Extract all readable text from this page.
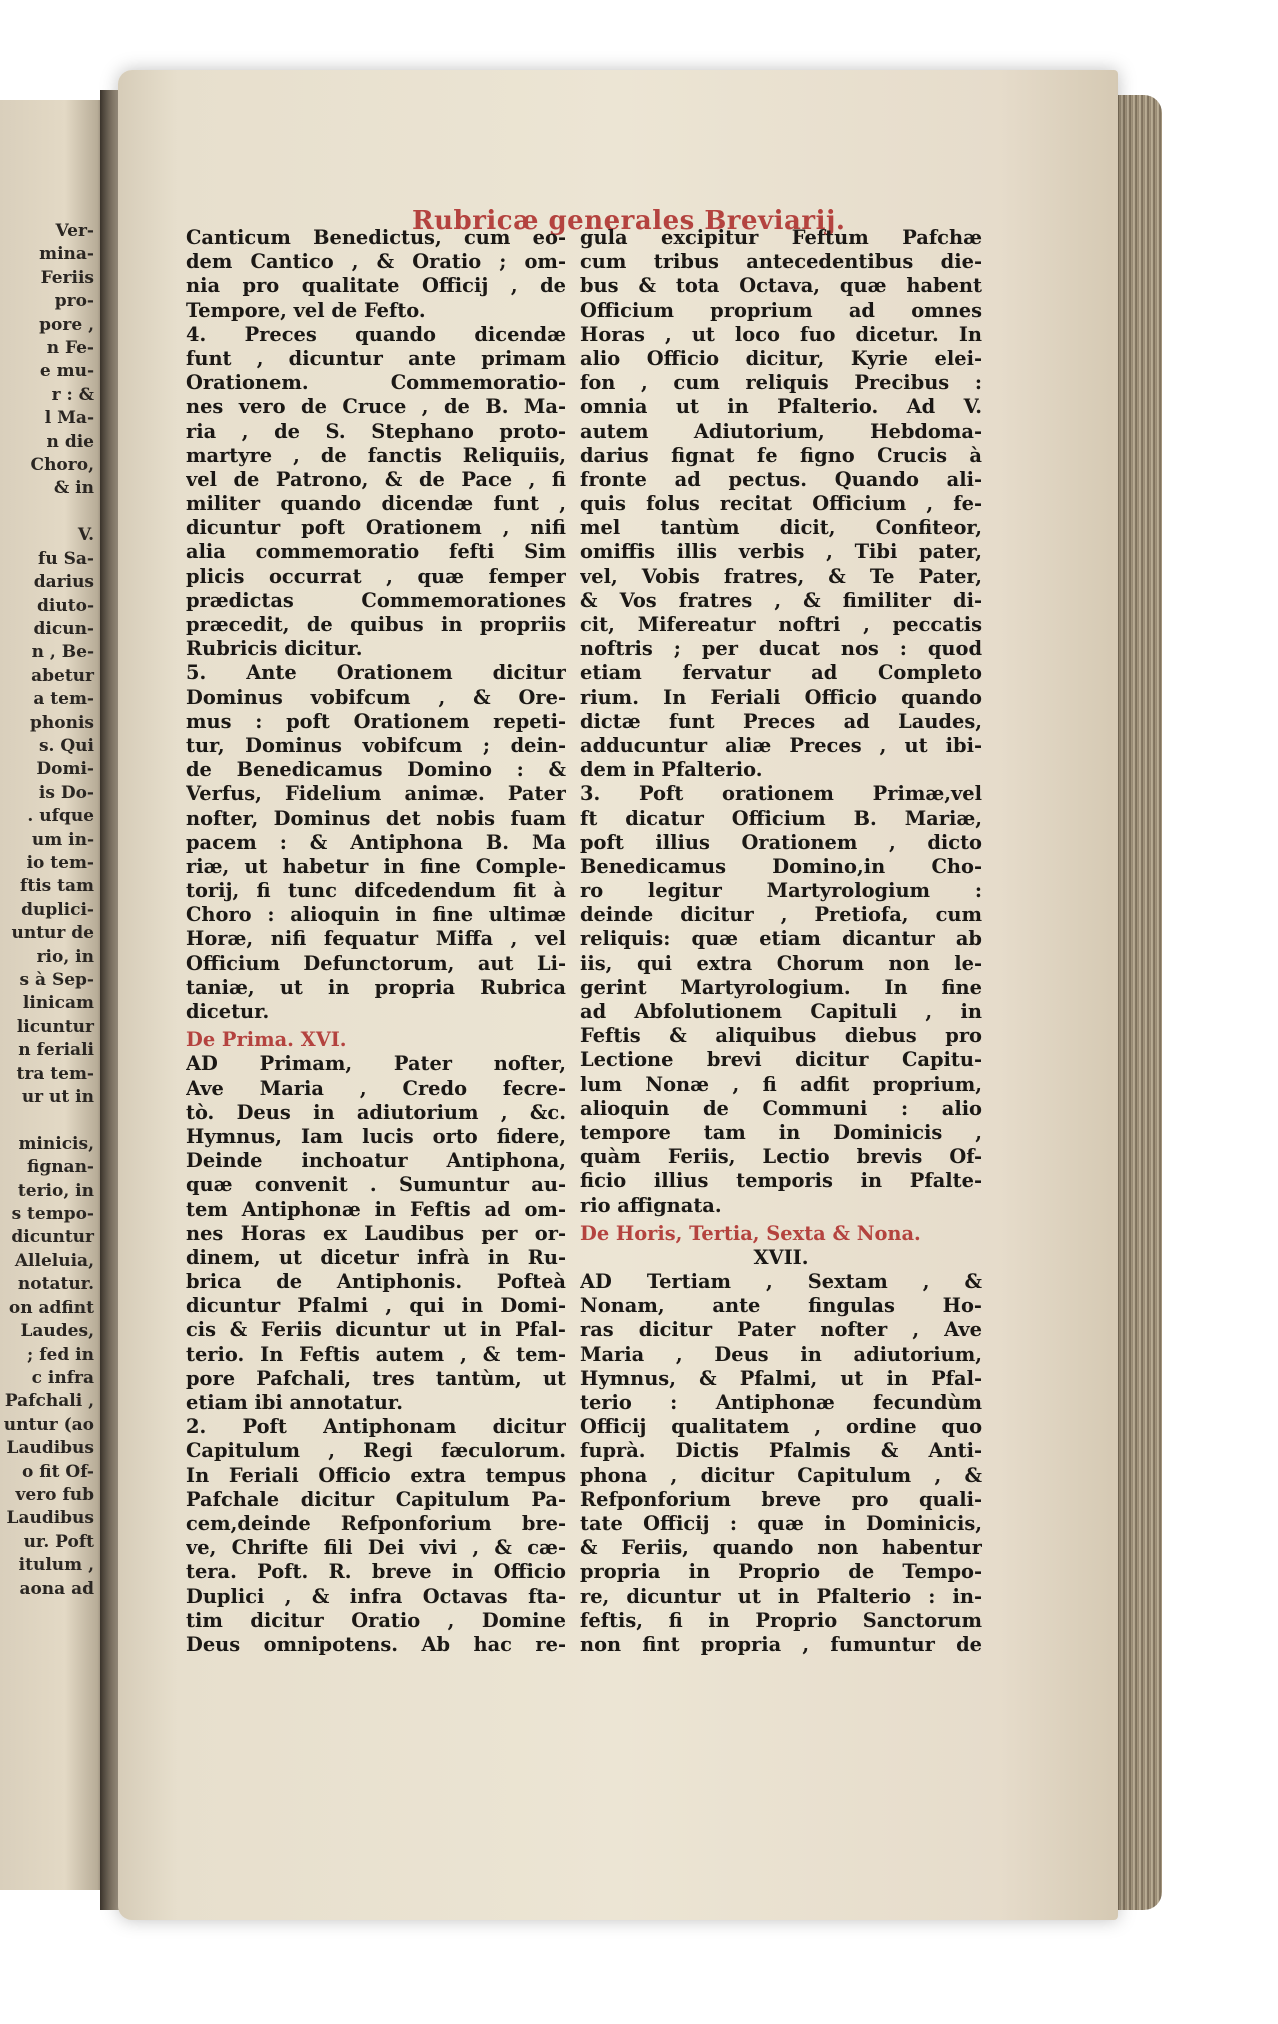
Ver-
mina-
Feriis
pro-
pore ,
n Fe-
e mu-
r : &
l Ma-
n die
Choro,
& in

V.
fu Sa-
darius
diuto-
dicun-
n , Be-
abetur
a tem-
phonis
s. Qui
Domi-
is Do-
. ufque
um in-
io tem-
ftis tam
duplici-
untur de
rio, in
s à Sep-
linicam
licuntur
n feriali
tra tem-
ur ut in

minicis,
fignan-
terio, in
s tempo-
dicuntur
Alleluia,
notatur.
on adfint
Laudes,
; fed in
c infra
Pafchali ,
untur (ao
Laudibus
o fit Of-
vero fub
Laudibus
ur. Poft
itulum ,
aona ad
Rubricæ generales Breviarij.
Canticum Benedictus, cum eo-
dem Cantico , & Oratio ; om-
nia pro qualitate Officij , de
Tempore, vel de Fefto.
4. Preces quando dicendæ
funt , dicuntur ante primam
Orationem. Commemoratio-
nes vero de Cruce , de B. Ma-
ria , de S. Stephano proto-
martyre , de fanctis Reliquiis,
vel de Patrono, & de Pace , fi
militer quando dicendæ funt ,
dicuntur poft Orationem , nifi
alia commemoratio fefti Sim
plicis occurrat , quæ femper
prædictas Commemorationes
præcedit, de quibus in propriis
Rubricis dicitur.
5. Ante Orationem dicitur
Dominus vobifcum , & Ore-
mus : poft Orationem repeti-
tur, Dominus vobifcum ; dein-
de Benedicamus Domino : &
Verfus, Fidelium animæ. Pater
nofter, Dominus det nobis fuam
pacem : & Antiphona B. Ma
riæ, ut habetur in fine Comple-
torij, fi tunc difcedendum fit à
Choro : alioquin in fine ultimæ
Horæ, nifi fequatur Miffa , vel
Officium Defunctorum, aut Li-
taniæ, ut in propria Rubrica
dicetur.
De Prima. XVI.
AD Primam, Pater nofter,
Ave Maria , Credo fecre-
tò. Deus in adiutorium , &c.
Hymnus, Iam lucis orto fidere,
Deinde inchoatur Antiphona,
quæ convenit . Sumuntur au-
tem Antiphonæ in Feftis ad om-
nes Horas ex Laudibus per or-
dinem, ut dicetur infrà in Ru-
brica de Antiphonis. Pofteà
dicuntur Pfalmi , qui in Domi-
cis & Feriis dicuntur ut in Pfal-
terio. In Feftis autem , & tem-
pore Pafchali, tres tantùm, ut
etiam ibi annotatur.
2. Poft Antiphonam dicitur
Capitulum , Regi fæculorum.
In Feriali Officio extra tempus
Pafchale dicitur Capitulum Pa-
cem,deinde Refponforium bre-
ve, Chrifte fili Dei vivi , & cæ-
tera. Poft. R. breve in Officio
Duplici , & infra Octavas fta-
tim dicitur Oratio , Domine
Deus omnipotens. Ab hac re-
gula excipitur Feftum Pafchæ
cum tribus antecedentibus die-
bus & tota Octava, quæ habent
Officium proprium ad omnes
Horas , ut loco fuo dicetur. In
alio Officio dicitur, Kyrie elei-
fon , cum reliquis Precibus :
omnia ut in Pfalterio. Ad V.
autem Adiutorium, Hebdoma-
darius fignat fe figno Crucis à
fronte ad pectus. Quando ali-
quis folus recitat Officium , fe-
mel tantùm dicit, Confiteor,
omiffis illis verbis , Tibi pater,
vel, Vobis fratres, & Te Pater,
& Vos fratres , & fimiliter di-
cit, Mifereatur noftri , peccatis
noftris ; per ducat nos : quod
etiam fervatur ad Completo
rium. In Feriali Officio quando
dictæ funt Preces ad Laudes,
adducuntur aliæ Preces , ut ibi-
dem in Pfalterio.
3. Poft orationem Primæ,vel
ft dicatur Officium B. Mariæ,
poft illius Orationem , dicto
Benedicamus Domino,in Cho-
ro legitur Martyrologium :
deinde dicitur , Pretiofa, cum
reliquis: quæ etiam dicantur ab
iis, qui extra Chorum non le-
gerint Martyrologium. In fine
ad Abfolutionem Capituli , in
Feftis & aliquibus diebus pro
Lectione brevi dicitur Capitu-
lum Nonæ , fi adfit proprium,
alioquin de Communi : alio
tempore tam in Dominicis ,
quàm Feriis, Lectio brevis Of-
ficio illius temporis in Pfalte-
rio affignata.
De Horis, Tertia, Sexta & Nona.
XVII.
AD Tertiam , Sextam , &
Nonam, ante fingulas Ho-
ras dicitur Pater nofter , Ave
Maria , Deus in adiutorium,
Hymnus, & Pfalmi, ut in Pfal-
terio : Antiphonæ fecundùm
Officij qualitatem , ordine quo
fuprà. Dictis Pfalmis & Anti-
phona , dicitur Capitulum , &
Refponforium breve pro quali-
tate Officij : quæ in Dominicis,
& Feriis, quando non habentur
propria in Proprio de Tempo-
re, dicuntur ut in Pfalterio : in-
feftis, fi in Proprio Sanctorum
non fint propria , fumuntur de
